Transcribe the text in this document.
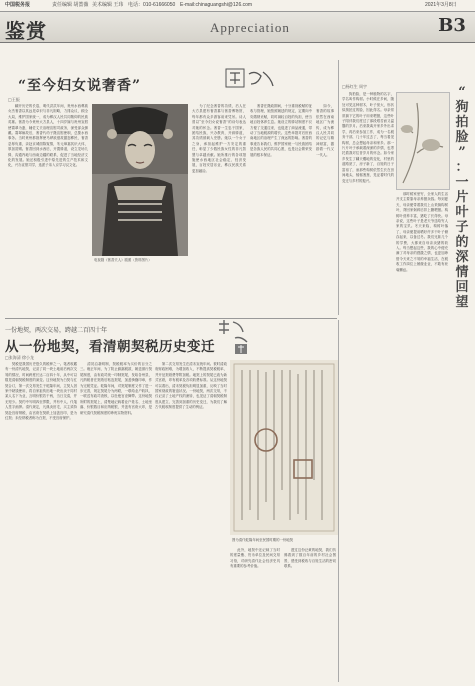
中国税务报	责任编辑 胡蔷薇 美术编辑 王玮 电话：010-61666050 E-mail:chinaguangshi@126.com	2021年3月8日
鉴赏	Appreciation	B3
“至今妇女说奢香”
□王振
　　翻开历史的长卷，明代洪武年间，贵州水西彝族女杰奢香以其远见卓识与非凡胆略，力排众议，顾全大局，维护国家统一，成为彝汉人民共同敬仰的民族英雄。奢香为今贵州大方县人，十四岁嫁与贵州宣慰使霭翠为妻，辅佐丈夫治理宣慰司政务，深受部众拥戴。霭翠病故后，奢香代幼子摄宣慰使职，总揽水西事务。当时贵州都指挥使马烨欲借故激怒彝民，奢香忍辱负重，亲赴京城面陈冤情，朱元璋嘉其识大体，厚加赏赐。奢香回到水西后，开置驿道，设立龙场九驿，沟通内地与西南边疆的联系，促进了当地经济文化的发展。她还积极引进中原先进的生产技术和文化，兴办宣慰司学，选派子弟入京学习汉文化。
电视剧《奢香夫人》剧照（资料图片）
　　为了纪念奢香的功绩，后人在大方县建有奢香墓与奢香博物馆，每年都有众多游客前来凭吊。诗人曾以“至今妇女说奢香”的诗句表达对她的怀念。奢香一生忠于国家，团结民族，兴办教育，开辟驿道，其功绩被载入史册。她以一个女子之身，承担起维护一方安定的重任，彰显了少数民族女性的非凡智慧与卓越贡献。她所推行的各项措施使水西地区社会稳定、经济发展，百姓安居乐业，彝汉民族关系更加融洽。
　　奢香在摄政期间，十分重视税赋的征收与管理，她按照朝廷的规定，定期向中央缴纳贡赋，同时减轻百姓的负担，使当地百姓休养生息。她设立的驿站制度不仅方便了交通往来，也促进了商品流通，带动了当地税源的增长。这些举措对后世西南地区的治理产生了深远的影响。奢香的事迹告诉我们，维护国家统一与民族团结是各族人民的共同心愿，也是社会繁荣发展的根本保证。
　　如今，奢香的故事依然在西南地区广为流传，成为彝汉人民共同的记忆与精神财富，激励着一代又一代人。
□杨红生 周宇
　　狗拍脸，是一种植物的名字，学名叫作构树。小时候在乡间，随处可见这种树木，叶子宽大，形状似狗拍过的脸，因此得名。母亲常常摘下它的叶子用来喂猪，这些叶子陪伴我们度过了那段艰苦而又温馨的岁月。后来我离开家乡外出求学，再后来参加工作，成为一名税务干部，几十年过去了，每当看见构树，总会想起母亲和家乡。那一片片叶子承载着深深的乡情，也寄托着我对往昔岁月的怀念。如今家乡发生了翻天覆地的变化，村里的道路宽了，房子新了，百姓的日子富裕了，而那些构树依然生长在田间地头，郁郁葱葱，见证着时代的变迁与乡村的振兴。
　　那时候家里穷，全家人的生活开支主要靠母亲养猪卖钱。每到夏天，母亲便带着我们上山采摘构树叶，背回家剁碎后拌上糠喂猪。构树叶营养丰富，猪吃了长得快。母亲说，这些叶子是老天爷送给穷人家的宝贝。冬天来临，构树叶落了，母亲便提前晒好许多干叶子储存起来，以备过冬。我们兄妹几个的学费，大都来自母亲卖猪的收入。每当想起这些，我的心中便充满了对母亲的感激之情，也更加珍惜今天来之不易的幸福生活，在税收工作岗位上兢兢业业，不敢有丝毫懈怠。
“
狗
拍
脸
”
：
一
片
叶
子
的
深
情
回
望
一份地契，两次交易，跨越二百四十年
从一份地契，看清朝契税历史变迁
□张海清 徐小龙
　　契税是我国历史悠久的税种之一。笔者收藏有一份清代地契，记录了同一块土地前后两次交易的情况，时间跨度长达二百四十年，从中可以窥见清朝契税制度的演变。这份地契为白契与红契合订，第一次交易发生于乾隆年间，立契人因家中缺钱使用，将自家祖传田地一块出卖于同村某人名下为业，言明价银若干两，当日交清，并无短少。契约中写明四至界限，并有中人、代笔人签字画押。清代规定，凡典卖田宅，买主须持契赴官府纳税，由官府在契纸上加盖官印，是为红契；未经纳税者称为白契，不受官府保护。
　　清初沿袭明制，契税税率为买价的百分之三。雍正年间，为了防止偷漏税款，朝廷颁行契尾制度，由布政司统一印制契尾，发给各州县，凡纳税者在契纸后粘连契尾，加盖骑缝印章，作为完税凭证。乾隆年间，对契尾制度又作了进一步完善，规定契尾分为两联，一联给业户收执，一联送布政司查核，以杜绝官吏舞弊。这份地契所附的契尾上，清楚地记载着业户姓名、土地坐落、价银数目和应纳税银，并盖有官府大印，是研究清代契税制度的珍贵实物资料。
　　第二次交易发生在清末宣统年间。彼时清政府财政困难，为增加收入，不断提高契税税率，并开征契纸费等附加税。地契上的契尾已改为新式官纸，印有税率及各项收费标准。从这份地契可以看出，清末契税负担明显加重，反映了当时国家财政的窘迫状况。一份地契，两次交易，不仅记录了土地产权的流转，也见证了清朝契税制度从建立、完善到加重的历史变迁，为我们了解古代税收制度提供了生动的例证。
图为清代乾隆年间至民国时期的一份地契
　　此外，地契中还记载了当时的度量衡、货币单位及民间交易习俗，对研究清代社会经济史具有重要的参考价值。
　　透过这份泛黄的地契，我们仿佛看到了数百年前的乡村社会图景，感受到税收与百姓生活的密切联系。
